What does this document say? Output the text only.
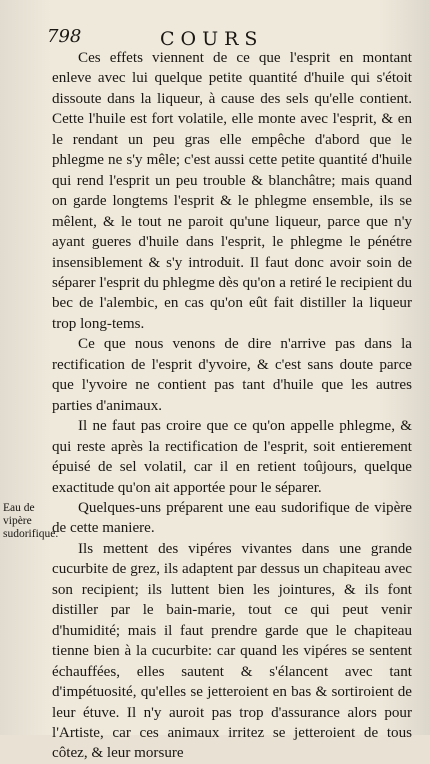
798	COURS
Eau de vipère sudorifique.

Ces effets viennent de ce que l'esprit en montant enleve avec lui quelque petite quantité d'huile qui s'étoit dissoute dans la liqueur, à cause des sels qu'elle contient. Cette l'huile est fort volatile, elle monte avec l'esprit, & en le rendant un peu gras elle empêche d'abord que le phlegme ne s'y mêle; c'est aussi cette petite quantité d'huile qui rend l'esprit un peu trouble & blanchâtre; mais quand on garde longtems l'esprit & le phlegme ensemble, ils se mêlent, & le tout ne paroit qu'une liqueur, parce que n'y ayant gueres d'huile dans l'esprit, le phlegme le pénétre insensiblement & s'y introduit. Il faut donc avoir soin de séparer l'esprit du phlegme dès qu'on a retiré le recipient du bec de l'alembic, en cas qu'on eût fait distiller la liqueur trop long-tems.

Ce que nous venons de dire n'arrive pas dans la rectification de l'esprit d'yvoire, & c'est sans doute parce que l'yvoire ne contient pas tant d'huile que les autres parties d'animaux.

Il ne faut pas croire que ce qu'on appelle phlegme, & qui reste après la rectification de l'esprit, soit entierement épuisé de sel volatil, car il en retient toûjours, quelque exactitude qu'on ait apportée pour le séparer.

Quelques-uns préparent une eau sudorifique de vipère de cette maniere.

Ils mettent des vipéres vivantes dans une grande cucurbite de grez, ils adaptent par dessus un chapiteau avec son recipient; ils luttent bien les jointures, & ils font distiller par le bain-marie, tout ce qui peut venir d'humidité; mais il faut prendre garde que le chapiteau tienne bien à la cucurbite: car quand les vipéres se sentent échauffées, elles sautent & s'élancent avec tant d'impétuosité, qu'elles se jetteroient en bas & sortiroient de leur étuve. Il n'y auroit pas trop d'assurance alors pour l'Artiste, car ces animaux irritez se jetteroient de tous côtez, & leur morsure
